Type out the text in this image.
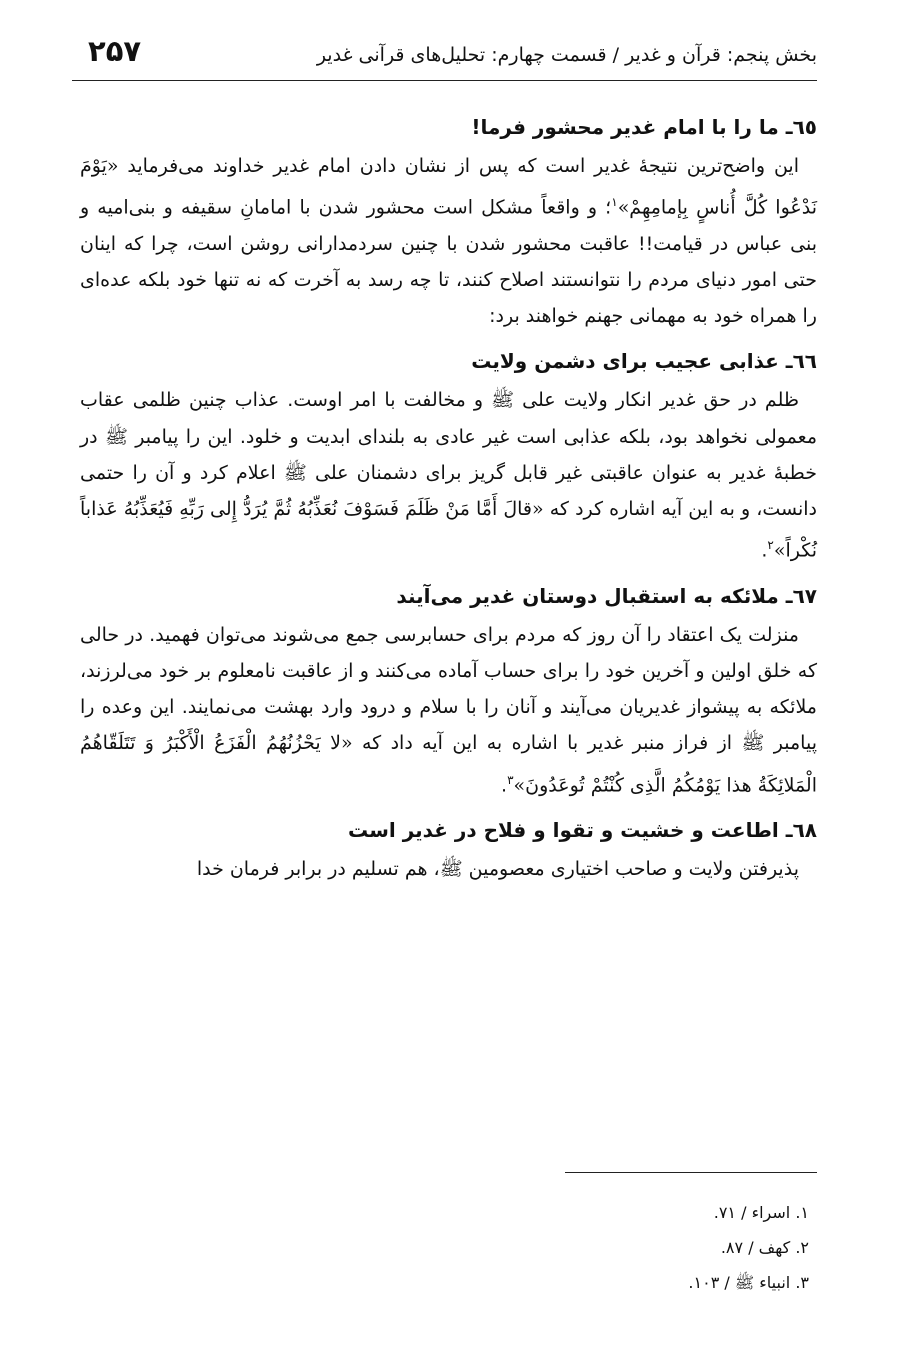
۲۵۷	بخش پنجم: قرآن و غدیر / قسمت چهارم: تحلیل‌های قرآنی غدیر
٦٥ـ ما را با امام غدیر محشور فرما!

این واضح‌ترین نتیجهٔ غدیر است که پس از نشان دادن امام غدیر خداوند می‌فرماید «یَوْمَ نَدْعُوا کُلَّ أُناسٍ بِإمامِهِمْ»$^١$؛ و واقعاً مشکل است محشور شدن با امامانِ سقیفه و بنی‌امیه و بنی عباس در قیامت!! عاقبت محشور شدن با چنین سردمدارانی روشن است، چرا که اینان حتی امور دنیای مردم را نتوانستند اصلاح کنند، تا چه رسد به آخرت که نه تنها خود بلکه عده‌ای را همراه خود به مهمانی جهنم خواهند برد:

٦٦ـ عذابی عجیب برای دشمن ولایت

ظلم در حق غدیر انکار ولایت علی ﷺ و مخالفت با امر اوست. عذاب چنین ظلمی عقاب معمولی نخواهد بود، بلکه عذابی است غیر عادی به بلندای ابدیت و خلود. این را پیامبر ﷺ در خطبهٔ غدیر به عنوان عاقبتی غیر قابل گریز برای دشمنان علی ﷺ اعلام کرد و آن را حتمی دانست، و به این آیه اشاره کرد که «قالَ أَمَّا مَنْ ظَلَمَ فَسَوْفَ نُعَذِّبُهُ ثُمَّ یُرَدُّ إِلی رَبِّهِ فَیُعَذِّبُهُ عَذاباً نُکْراً»$^٢$.

٦٧ـ ملائکه به استقبال دوستان غدیر می‌آیند

منزلت یک اعتقاد را آن روز که مردم برای حسابرسی جمع می‌شوند می‌توان فهمید. در حالی که خلق اولین و آخرین خود را برای حساب آماده می‌کنند و از عاقبت نامعلوم بر خود می‌لرزند، ملائکه به پیشواز غدیریان می‌آیند و آنان را با سلام و درود وارد بهشت می‌نمایند. این وعده را پیامبر ﷺ از فراز منبر غدیر با اشاره به این آیه داد که «لا یَحْزُنُهُمُ الْفَزَعُ الْأَکْبَرُ وَ تَتَلَقّاهُمُ الْمَلائِکَةُ هذا یَوْمُکُمُ الَّذِی کُنْتُمْ تُوعَدُونَ»$^٣$.

٦٨ـ اطاعت و خشیت و تقوا و فلاح در غدیر است

پذیرفتن ولایت و صاحب اختیاری معصومین ﷺ، هم تسلیم در برابر فرمان خدا

١. اسراء / ٧١.
٢. کهف / ٨٧.
٣. انبیاء ﷺ / ١٠٣.
